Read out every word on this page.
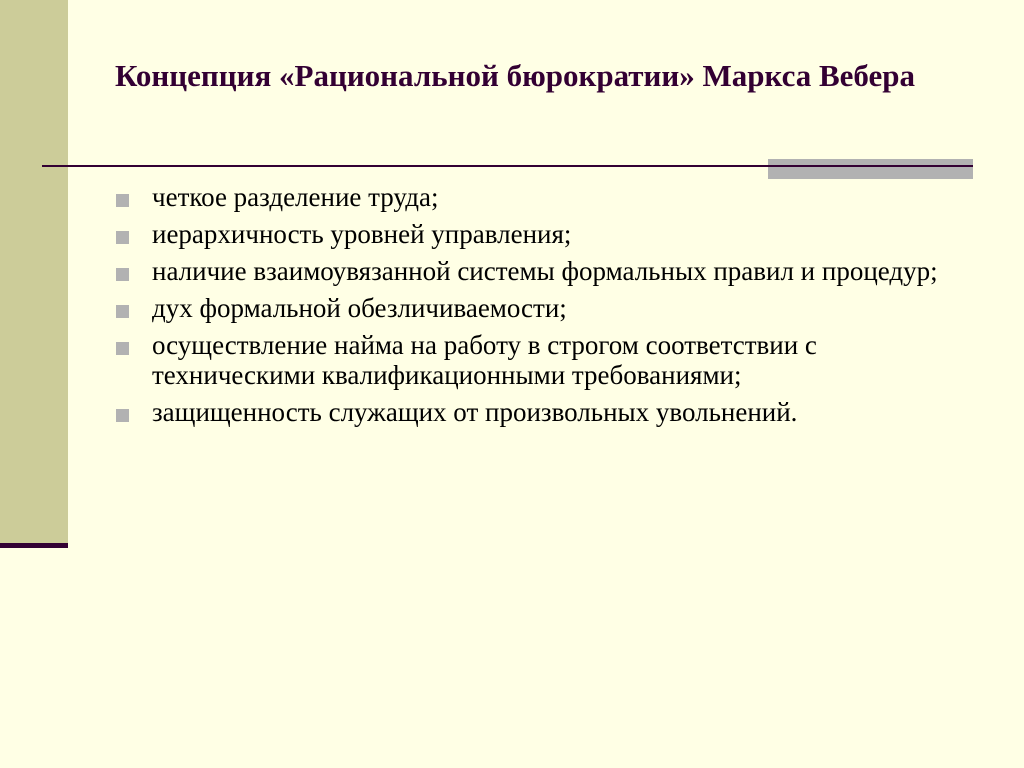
Концепция «Рациональной бюрократии» Маркса Вебера
четкое разделение труда;
иерархичность уровней управления;
наличие взаимоувязанной системы формальных правил и процедур;
дух формальной обезличиваемости;
осуществление найма на работу в строгом соответствии с техническими квалификационными требованиями;
защищенность служащих от произвольных увольнений.
